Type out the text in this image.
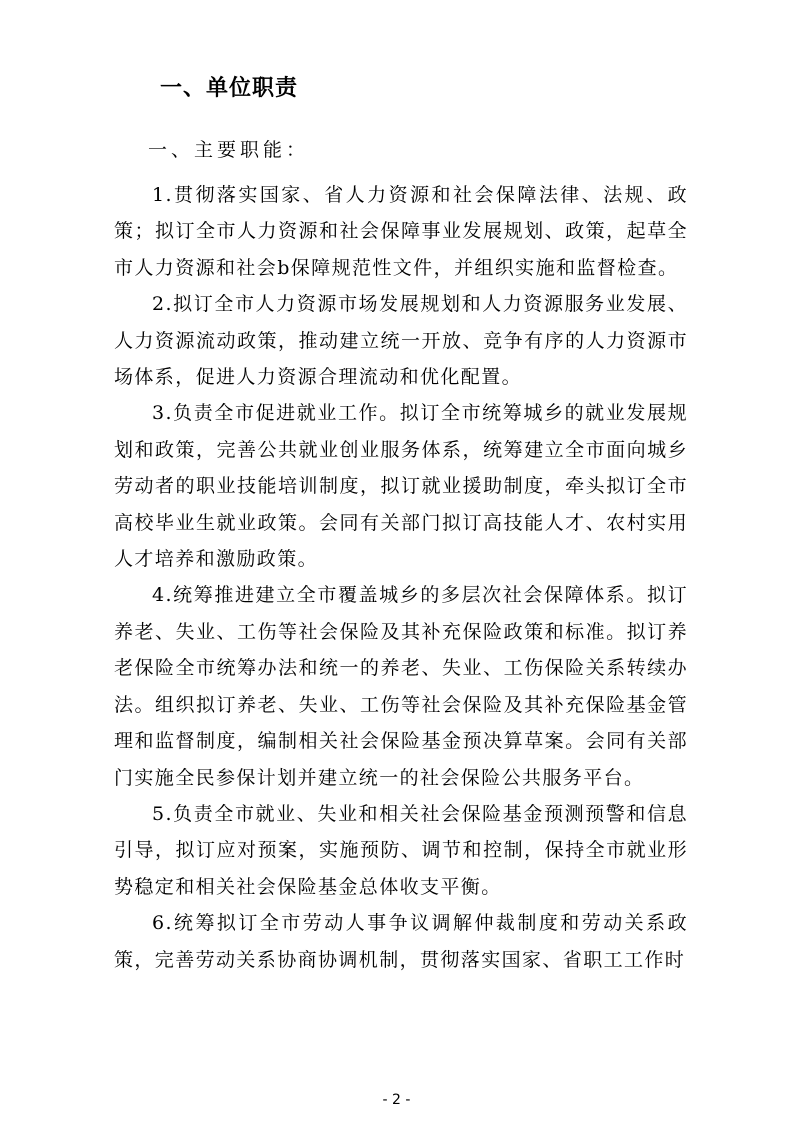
一、单位职责
一、主要职能：

1.贯彻落实国家、省人力资源和社会保障法律、法规、政策；拟订全市人力资源和社会保障事业发展规划、政策，起草全市人力资源和社会b保障规范性文件，并组织实施和监督检查。

2.拟订全市人力资源市场发展规划和人力资源服务业发展、人力资源流动政策，推动建立统一开放、竞争有序的人力资源市场体系，促进人力资源合理流动和优化配置。

3.负责全市促进就业工作。拟订全市统筹城乡的就业发展规划和政策，完善公共就业创业服务体系，统筹建立全市面向城乡劳动者的职业技能培训制度，拟订就业援助制度，牵头拟订全市高校毕业生就业政策。会同有关部门拟订高技能人才、农村实用人才培养和激励政策。

4.统筹推进建立全市覆盖城乡的多层次社会保障体系。拟订养老、失业、工伤等社会保险及其补充保险政策和标准。拟订养老保险全市统筹办法和统一的养老、失业、工伤保险关系转续办法。组织拟订养老、失业、工伤等社会保险及其补充保险基金管理和监督制度，编制相关社会保险基金预决算草案。会同有关部门实施全民参保计划并建立统一的社会保险公共服务平台。

5.负责全市就业、失业和相关社会保险基金预测预警和信息引导，拟订应对预案，实施预防、调节和控制，保持全市就业形势稳定和相关社会保险基金总体收支平衡。

6.统筹拟订全市劳动人事争议调解仲裁制度和劳动关系政策，完善劳动关系协商协调机制，贯彻落实国家、省职工工作时

- 2 -
